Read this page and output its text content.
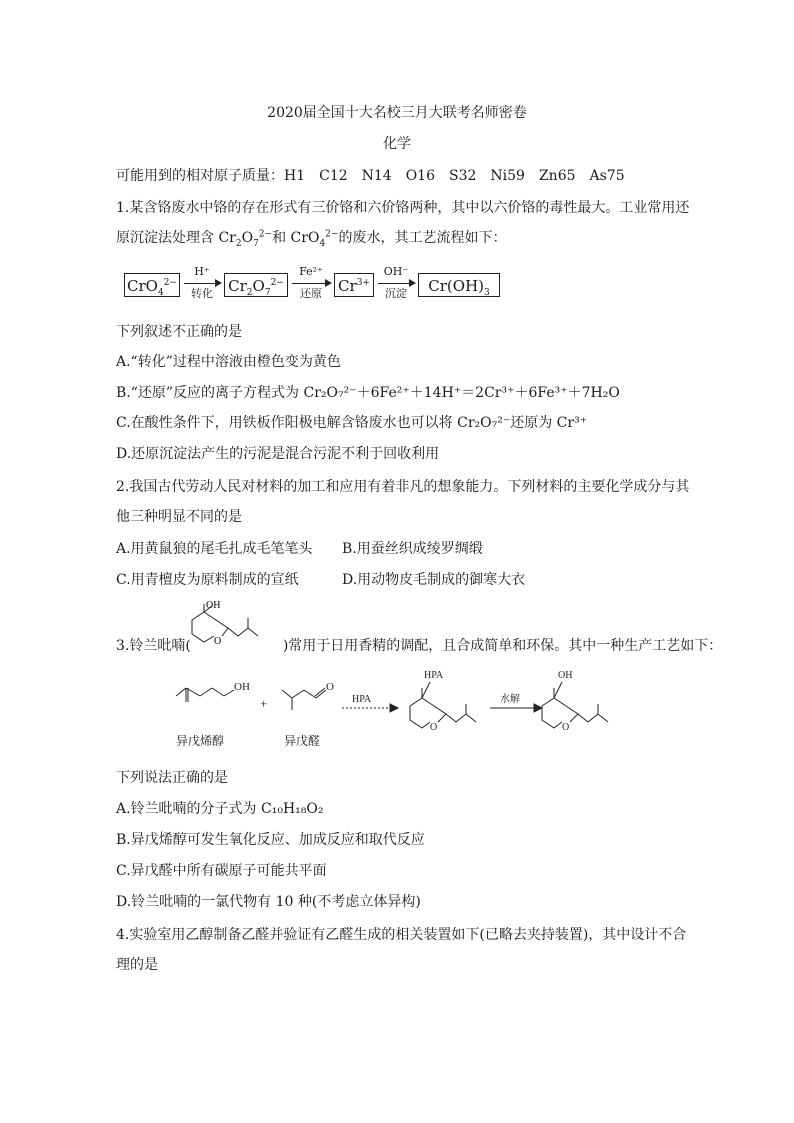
2020届全国十大名校三月大联考名师密卷
化学
可能用到的相对原子质量：H1　C12　N14　O16　S32　Ni59　Zn65　As75
1.某含铬废水中铬的存在形式有三价铬和六价铬两种，其中以六价铬的毒性最大。工业常用还
原沉淀法处理含 $Cr_2O_7^{2-}$和 CrO$_4^{2-}$的废水，其工艺流程如下：
CrO$_4^{2-}$
H⁺
转化	$Cr_2O_7^{2-}$
Fe²⁺
还原	$Cr^{3+}$
OH⁻
沉淀	$Cr(OH)_3$
下列叙述不正确的是
A.“转化”过程中溶液由橙色变为黄色
B.“还原”反应的离子方程式为 Cr₂O₇²⁻＋6Fe²⁺＋14H⁺＝2Cr³⁺＋6Fe³⁺＋7H₂O
C.在酸性条件下，用铁板作阳极电解含铬废水也可以将 Cr₂O₇²⁻还原为 Cr³⁺
D.还原沉淀法产生的污泥是混合污泥不利于回收利用
2.我国古代劳动人民对材料的加工和应用有着非凡的想象能力。下列材料的主要化学成分与其
他三种明显不同的是
A.用黄鼠狼的尾毛扎成毛笔笔头 B.用蚕丝织成绫罗绸缎
C.用青檀皮为原料制成的宣纸	D.用动物皮毛制成的御寒大衣
3.铃兰吡喃(	)常用于日用香精的调配，且合成简单和环保。其中一种生产工艺如下：
OH
O
OH	O
+	HPA
HPA
O
水解
OH
O
异戊烯醇	异戊醛
下列说法正确的是
A.铃兰吡喃的分子式为 C₁₀H₁₈O₂
B.异戊烯醇可发生氧化反应、加成反应和取代反应
C.异戊醛中所有碳原子可能共平面
D.铃兰吡喃的一氯代物有 10 种(不考虑立体异构)
4.实验室用乙醇制备乙醛并验证有乙醛生成的相关装置如下(已略去夹持装置)，其中设计不合
理的是
